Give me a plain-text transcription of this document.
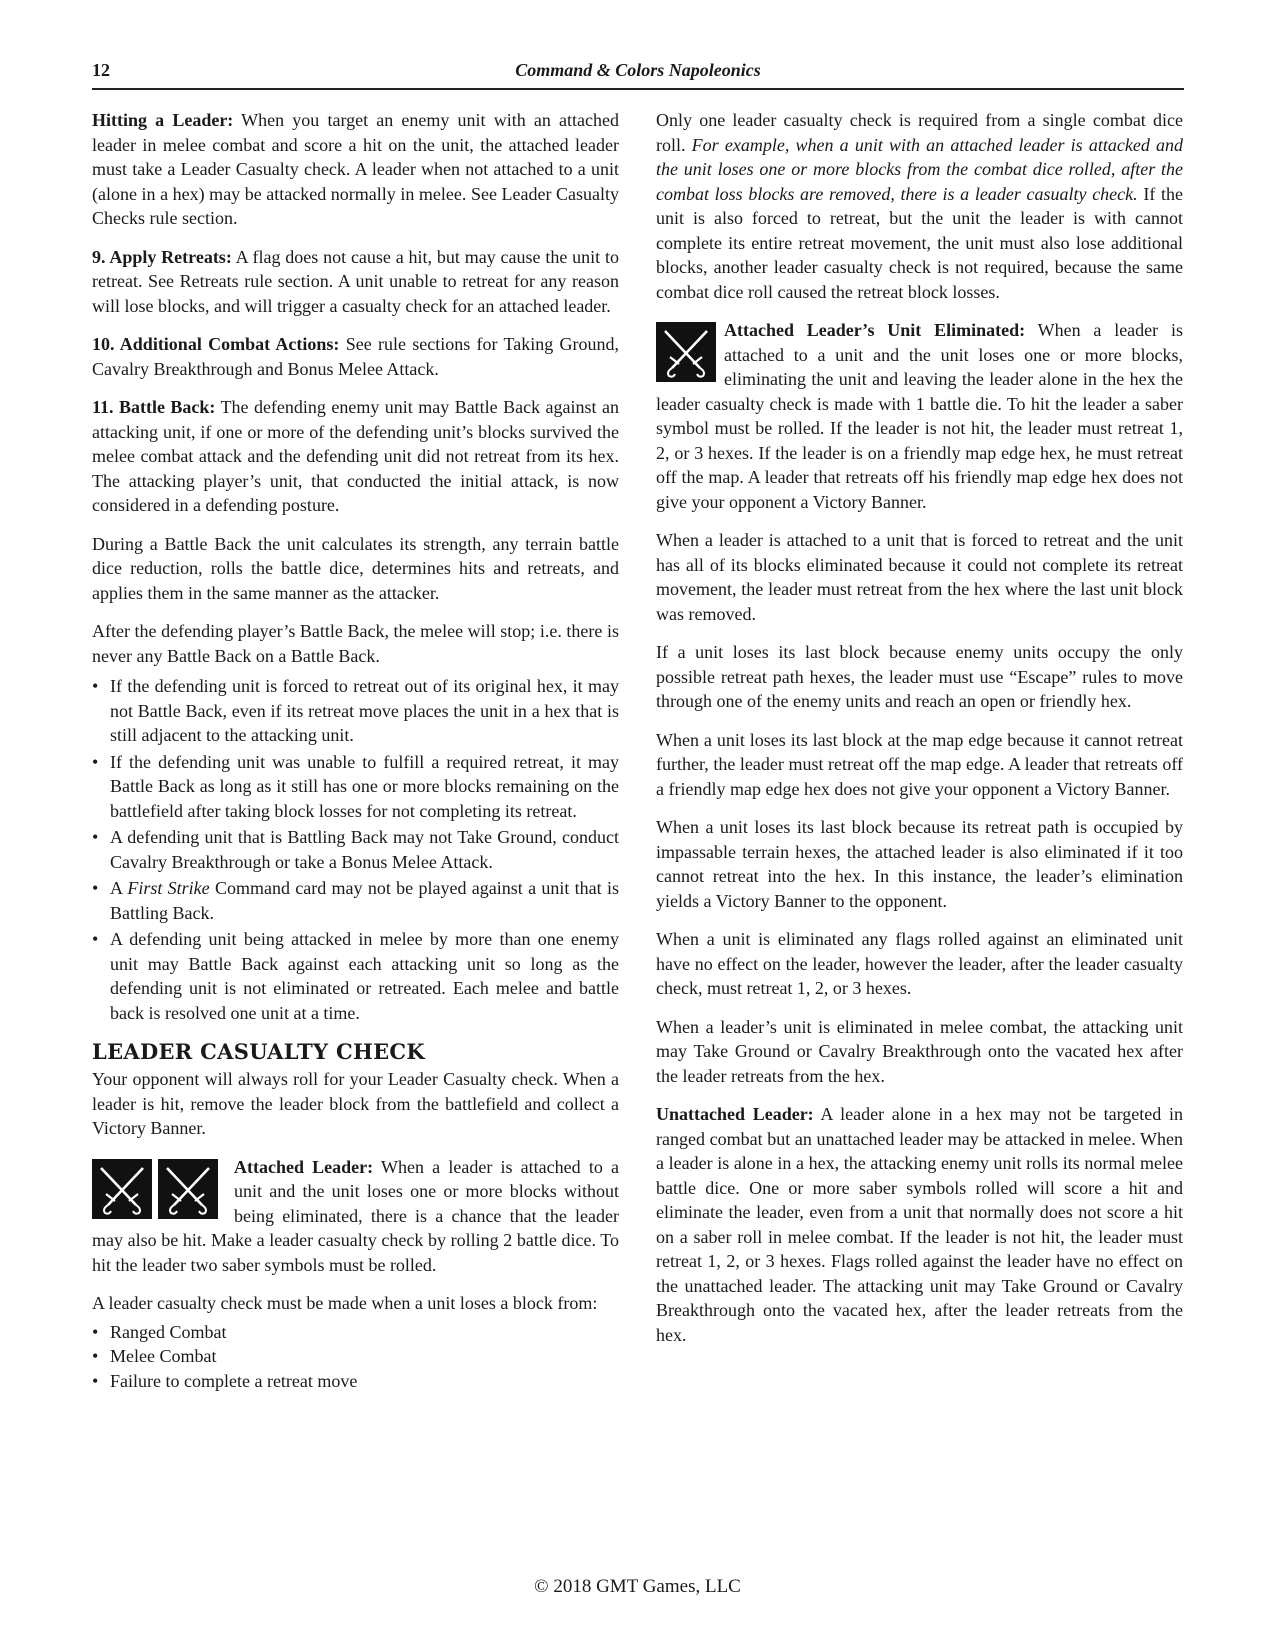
12	Command & Colors Napoleonics

Hitting a Leader: When you target an enemy unit with an attached leader in melee combat and score a hit on the unit, the attached leader must take a Leader Casualty check. A leader when not attached to a unit (alone in a hex) may be attacked normally in melee. See Leader Casualty Checks rule section.

9. Apply Retreats: A flag does not cause a hit, but may cause the unit to retreat. See Retreats rule section. A unit unable to retreat for any reason will lose blocks, and will trigger a casualty check for an attached leader.

10. Additional Combat Actions: See rule sections for Taking Ground, Cavalry Breakthrough and Bonus Melee Attack.

11. Battle Back: The defending enemy unit may Battle Back against an attacking unit, if one or more of the defending unit’s blocks survived the melee combat attack and the defending unit did not retreat from its hex. The attacking player’s unit, that conducted the initial attack, is now considered in a defending posture.

During a Battle Back the unit calculates its strength, any terrain battle dice reduction, rolls the battle dice, determines hits and retreats, and applies them in the same manner as the attacker.

After the defending player’s Battle Back, the melee will stop; i.e. there is never any Battle Back on a Battle Back.

• If the defending unit is forced to retreat out of its original hex, it may not Battle Back, even if its retreat move places the unit in a hex that is still adjacent to the attacking unit.
• If the defending unit was unable to fulfill a required retreat, it may Battle Back as long as it still has one or more blocks remaining on the battlefield after taking block losses for not completing its retreat.
• A defending unit that is Battling Back may not Take Ground, conduct Cavalry Breakthrough or take a Bonus Melee Attack.
• A First Strike Command card may not be played against a unit that is Battling Back.
• A defending unit being attacked in melee by more than one enemy unit may Battle Back against each attacking unit so long as the defending unit is not eliminated or retreated. Each melee and battle back is resolved one unit at a time.
LEADER CASUALTY CHECK

Your opponent will always roll for your Leader Casualty check. When a leader is hit, remove the leader block from the battlefield and collect a Victory Banner.

Attached Leader: When a leader is attached to a unit and the unit loses one or more blocks without being eliminated, there is a chance that the leader may also be hit. Make a leader casualty check by rolling 2 battle dice. To hit the leader two saber symbols must be rolled.

A leader casualty check must be made when a unit loses a block from:

• Ranged Combat
• Melee Combat
• Failure to complete a retreat move

Only one leader casualty check is required from a single combat dice roll. For example, when a unit with an attached leader is attacked and the unit loses one or more blocks from the combat dice rolled, after the combat loss blocks are removed, there is a leader casualty check. If the unit is also forced to retreat, but the unit the leader is with cannot complete its entire retreat movement, the unit must also lose additional blocks, another leader casualty check is not required, because the same combat dice roll caused the retreat block losses.

Attached Leader’s Unit Eliminated: When a leader is attached to a unit and the unit loses one or more blocks, eliminating the unit and leaving the leader alone in the hex the leader casualty check is made with 1 battle die. To hit the leader a saber symbol must be rolled. If the leader is not hit, the leader must retreat 1, 2, or 3 hexes. If the leader is on a friendly map edge hex, he must retreat off the map. A leader that retreats off his friendly map edge hex does not give your opponent a Victory Banner.

When a leader is attached to a unit that is forced to retreat and the unit has all of its blocks eliminated because it could not complete its retreat movement, the leader must retreat from the hex where the last unit block was removed.

If a unit loses its last block because enemy units occupy the only possible retreat path hexes, the leader must use “Escape” rules to move through one of the enemy units and reach an open or friendly hex.

When a unit loses its last block at the map edge because it cannot retreat further, the leader must retreat off the map edge. A leader that retreats off a friendly map edge hex does not give your opponent a Victory Banner.

When a unit loses its last block because its retreat path is occupied by impassable terrain hexes, the attached leader is also eliminated if it too cannot retreat into the hex. In this instance, the leader’s elimination yields a Victory Banner to the opponent.

When a unit is eliminated any flags rolled against an eliminated unit have no effect on the leader, however the leader, after the leader casualty check, must retreat 1, 2, or 3 hexes.

When a leader’s unit is eliminated in melee combat, the attacking unit may Take Ground or Cavalry Breakthrough onto the vacated hex after the leader retreats from the hex.

Unattached Leader: A leader alone in a hex may not be targeted in ranged combat but an unattached leader may be attacked in melee. When a leader is alone in a hex, the attacking enemy unit rolls its normal melee battle dice. One or more saber symbols rolled will score a hit and eliminate the leader, even from a unit that normally does not score a hit on a saber roll in melee combat. If the leader is not hit, the leader must retreat 1, 2, or 3 hexes. Flags rolled against the leader have no effect on the unattached leader. The attacking unit may Take Ground or Cavalry Breakthrough onto the vacated hex, after the leader retreats from the hex.

© 2018 GMT Games, LLC
